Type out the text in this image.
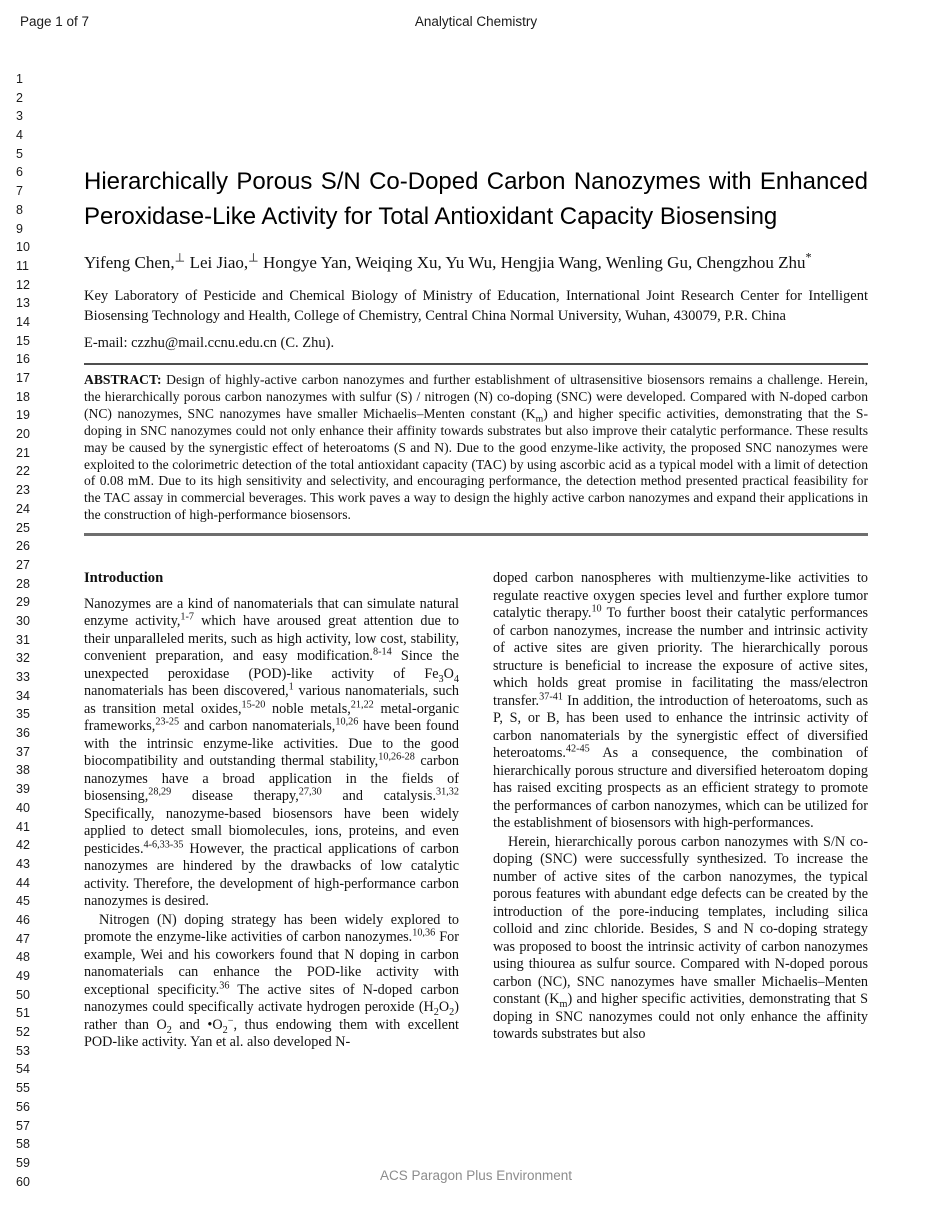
Page 1 of 7	Analytical Chemistry
1
2
3
4
5
6
7
8
9
10
11
12
13
14
15
16
17
18
19
20
21
22
23
24
25
26
27
28
29
30
31
32
33
34
35
36
37
38
39
40
41
42
43
44
45
46
47
48
49
50
51
52
53
54
55
56
57
58
59
60
Hierarchically Porous S/N Co-Doped Carbon Nanozymes with Enhanced Peroxidase-Like Activity for Total Antioxidant Capacity Biosensing

Yifeng Chen,⊥ Lei Jiao,⊥ Hongye Yan, Weiqing Xu, Yu Wu, Hengjia Wang, Wenling Gu, Chengzhou Zhu*

Key Laboratory of Pesticide and Chemical Biology of Ministry of Education, International Joint Research Center for Intelligent Biosensing Technology and Health, College of Chemistry, Central China Normal University, Wuhan, 430079, P.R. China

E-mail: czzhu@mail.ccnu.edu.cn (C. Zhu).

ABSTRACT: Design of highly-active carbon nanozymes and further establishment of ultrasensitive biosensors remains a challenge. Herein, the hierarchically porous carbon nanozymes with sulfur (S) / nitrogen (N) co-doping (SNC) were developed. Compared with N-doped carbon (NC) nanozymes, SNC nanozymes have smaller Michaelis–Menten constant $(K_m)$ and higher specific activities, demonstrating that the S-doping in SNC nanozymes could not only enhance their affinity towards substrates but also improve their catalytic performance. These results may be caused by the synergistic effect of heteroatoms (S and N). Due to the good enzyme-like activity, the proposed SNC nanozymes were exploited to the colorimetric detection of the total antioxidant capacity (TAC) by using ascorbic acid as a typical model with a limit of detection of 0.08 mM. Due to its high sensitivity and selectivity, and encouraging performance, the detection method presented practical feasibility for the TAC assay in commercial beverages. This work paves a way to design the highly active carbon nanozymes and expand their applications in the construction of high-performance biosensors.

Introduction

Nanozymes are a kind of nanomaterials that can simulate natural enzyme activity,$^{1-7}$ which have aroused great attention due to their unparalleled merits, such as high activity, low cost, stability, convenient preparation, and easy modification.$^{8-14}$ Since the unexpected peroxidase (POD)-like activity of $Fe_3O_4$ nanomaterials has been discovered,$^1$ various nanomaterials, such as transition metal oxides,$^{15-20}$ noble metals,$^{21,22}$ metal-organic frameworks,$^{23-25}$ and carbon nanomaterials,$^{10,26}$ have been found with the intrinsic enzyme-like activities. Due to the good biocompatibility and outstanding thermal stability,$^{10,26-28}$ carbon nanozymes have a broad application in the fields of biosensing,$^{28,29}$ disease therapy,$^{27,30}$ and catalysis.$^{31,32}$ Specifically, nanozyme-based biosensors have been widely applied to detect small biomolecules, ions, proteins, and even pesticides.$^{4-6,33-35}$ However, the practical applications of carbon nanozymes are hindered by the drawbacks of low catalytic activity. Therefore, the development of high-performance carbon nanozymes is desired.

Nitrogen (N) doping strategy has been widely explored to promote the enzyme-like activities of carbon nanozymes.$^{10,36}$ For example, Wei and his coworkers found that N doping in carbon nanomaterials can enhance the POD-like activity with exceptional specificity.$^{36}$ The active sites of N-doped carbon nanozymes could specifically activate hydrogen peroxide $(H_2O_2)$ rather than $O_2$ and $•O_2^-$, thus endowing them with excellent POD-like activity. Yan et al. also developed N-

doped carbon nanospheres with multienzyme-like activities to regulate reactive oxygen species level and further explore tumor catalytic therapy.$^{10}$ To further boost their catalytic performances of carbon nanozymes, increase the number and intrinsic activity of active sites are given priority. The hierarchically porous structure is beneficial to increase the exposure of active sites, which holds great promise in facilitating the mass/electron transfer.$^{37-41}$ In addition, the introduction of heteroatoms, such as P, S, or B, has been used to enhance the intrinsic activity of carbon nanomaterials by the synergistic effect of diversified heteroatoms.$^{42-45}$ As a consequence, the combination of hierarchically porous structure and diversified heteroatom doping has raised exciting prospects as an efficient strategy to promote the performances of carbon nanozymes, which can be utilized for the establishment of biosensors with high-performances.

Herein, hierarchically porous carbon nanozymes with S/N co-doping (SNC) were successfully synthesized. To increase the number of active sites of the carbon nanozymes, the typical porous features with abundant edge defects can be created by the introduction of the pore-inducing templates, including silica colloid and zinc chloride. Besides, S and N co-doping strategy was proposed to boost the intrinsic activity of carbon nanozymes using thiourea as sulfur source. Compared with N-doped porous carbon (NC), SNC nanozymes have smaller Michaelis–Menten constant $(K_m)$ and higher specific activities, demonstrating that S doping in SNC nanozymes could not only enhance the affinity towards substrates but also

ACS Paragon Plus Environment
